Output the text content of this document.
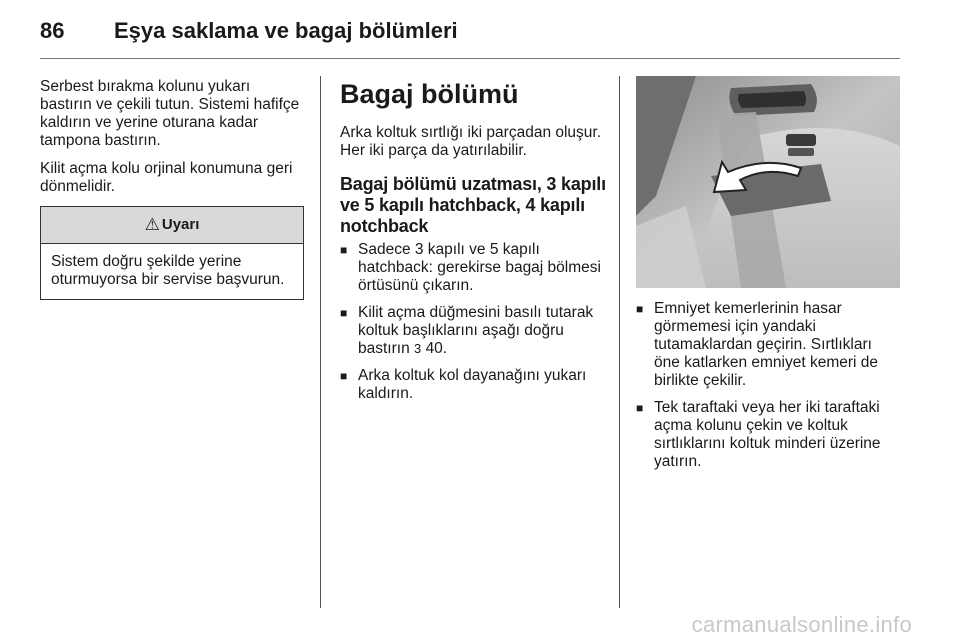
86 Eşya saklama ve bagaj bölümleri

Serbest bırakma kolunu yukarı bastırın ve çekili tutun. Sistemi hafifçe kaldırın ve yerine oturana kadar tampona bastırın.

Kilit açma kolu orjinal konumuna geri dönmelidir.

⚠ Uyarı
Sistem doğru şekilde yerine oturmuyorsa bir servise başvurun.
Bagaj bölümü

Arka koltuk sırtlığı iki parçadan oluşur. Her iki parça da yatırılabilir.

Bagaj bölümü uzatması, 3 kapılı ve 5 kapılı hatchback, 4 kapılı notchback
■ Sadece 3 kapılı ve 5 kapılı hatchback: gerekirse bagaj bölmesi örtüsünü çıkarın.
■ Kilit açma düğmesini basılı tutarak koltuk başlıklarını aşağı doğru bastırın 3 40.
■ Arka koltuk kol dayanağını yukarı kaldırın.
■ Emniyet kemerlerinin hasar görmemesi için yandaki tutamaklardan geçirin. Sırtlıkları öne katlarken emniyet kemeri de birlikte çekilir.
■ Tek taraftaki veya her iki taraftaki açma kolunu çekin ve koltuk sırtlıklarını koltuk minderi üzerine yatırın.
carmanualsonline.info
